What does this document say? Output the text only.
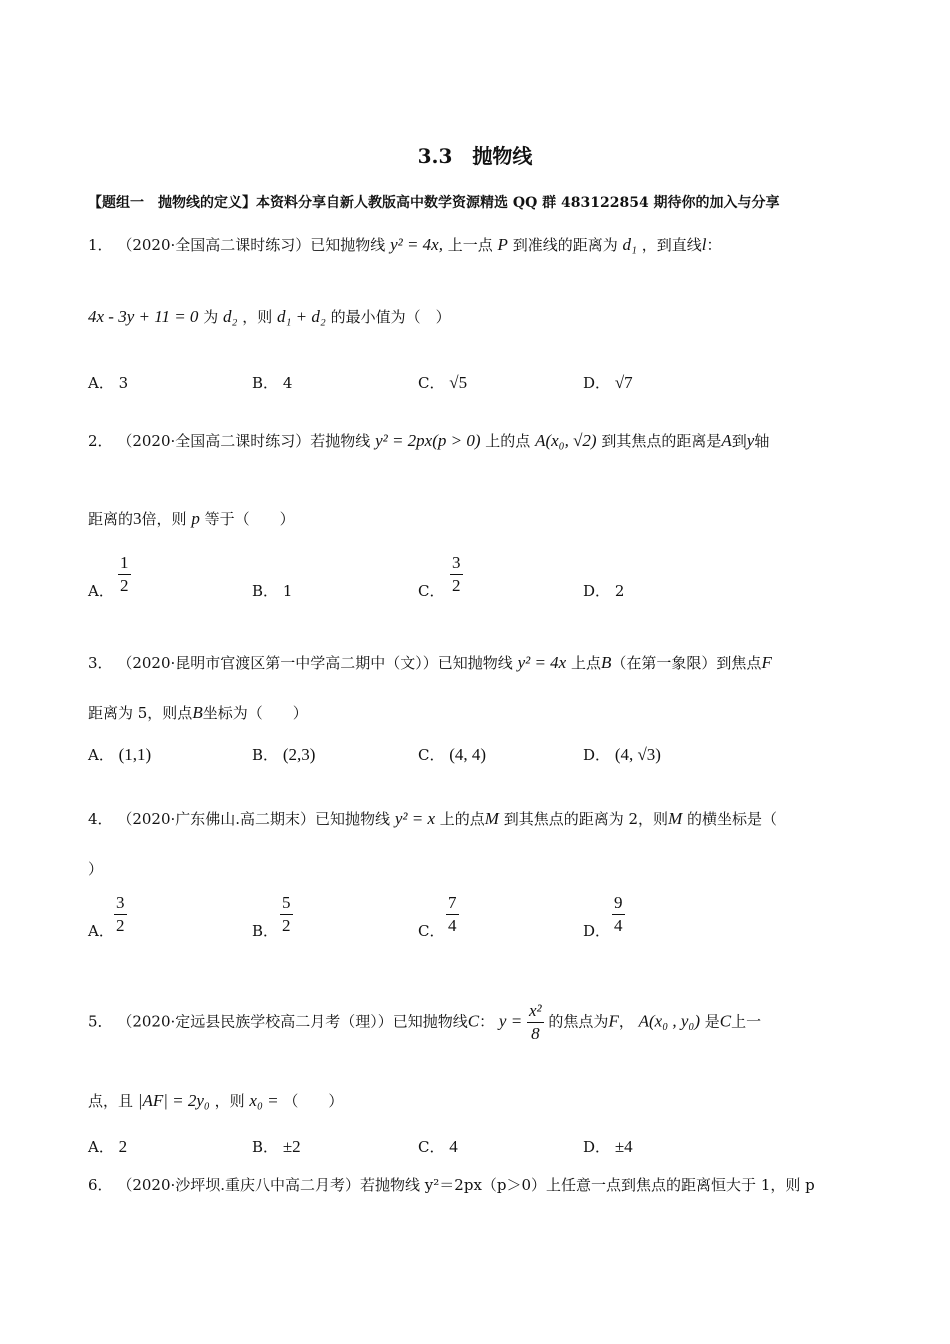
3.3　抛物线
【题组一　抛物线的定义】本资料分享自新人教版高中数学资源精选 QQ 群 483122854 期待你的加入与分享
1． （2020·全国高二课时练习）已知抛物线 y² = 4x, 上一点 P 到准线的距离为 d₁ ，到直线l：
4x - 3y + 11 = 0 为 d₂ ，则 d₁ + d₂ 的最小值为（　）
A． 3	B． 4	C． √5	D． √7
2． （2020·全国高二课时练习）若抛物线 y² = 2px(p > 0) 上的点 A(x₀, √2) 到其焦点的距离是A到y轴
距离的3倍，则 p 等于（　　）
A． $\frac{1}{2}$	B． 1	C． $\frac{3}{2}$	D． 2
3． （2020·昆明市官渡区第一中学高二期中（文））已知抛物线 y² = 4x 上点B（在第一象限）到焦点F
距离为 5，则点B坐标为（　　）
A． (1,1)	B． (2,3)	C． (4, 4)	D． (4, √3)
4． （2020·广东佛山.高二期末）已知抛物线 y² = x 上的点M 到其焦点的距离为 2，则M 的横坐标是（
）
A． $\frac{3}{2}$	B． $\frac{5}{2}$	C． $\frac{7}{4}$	D． $\frac{9}{4}$
5． （2020·定远县民族学校高二月考（理））已知抛物线C： $y = \frac{\text{x²}}{8}$ 的焦点为F， A(x₀ , y₀) 是C上一
点，且 |AF| = 2y₀ ，则 x₀ = （　　）
A． 2	B． ±2	C． 4	D． ±4
6． （2020·沙坪坝.重庆八中高二月考）若抛物线 y²＝2px（p＞0）上任意一点到焦点的距离恒大于 1，则 p
